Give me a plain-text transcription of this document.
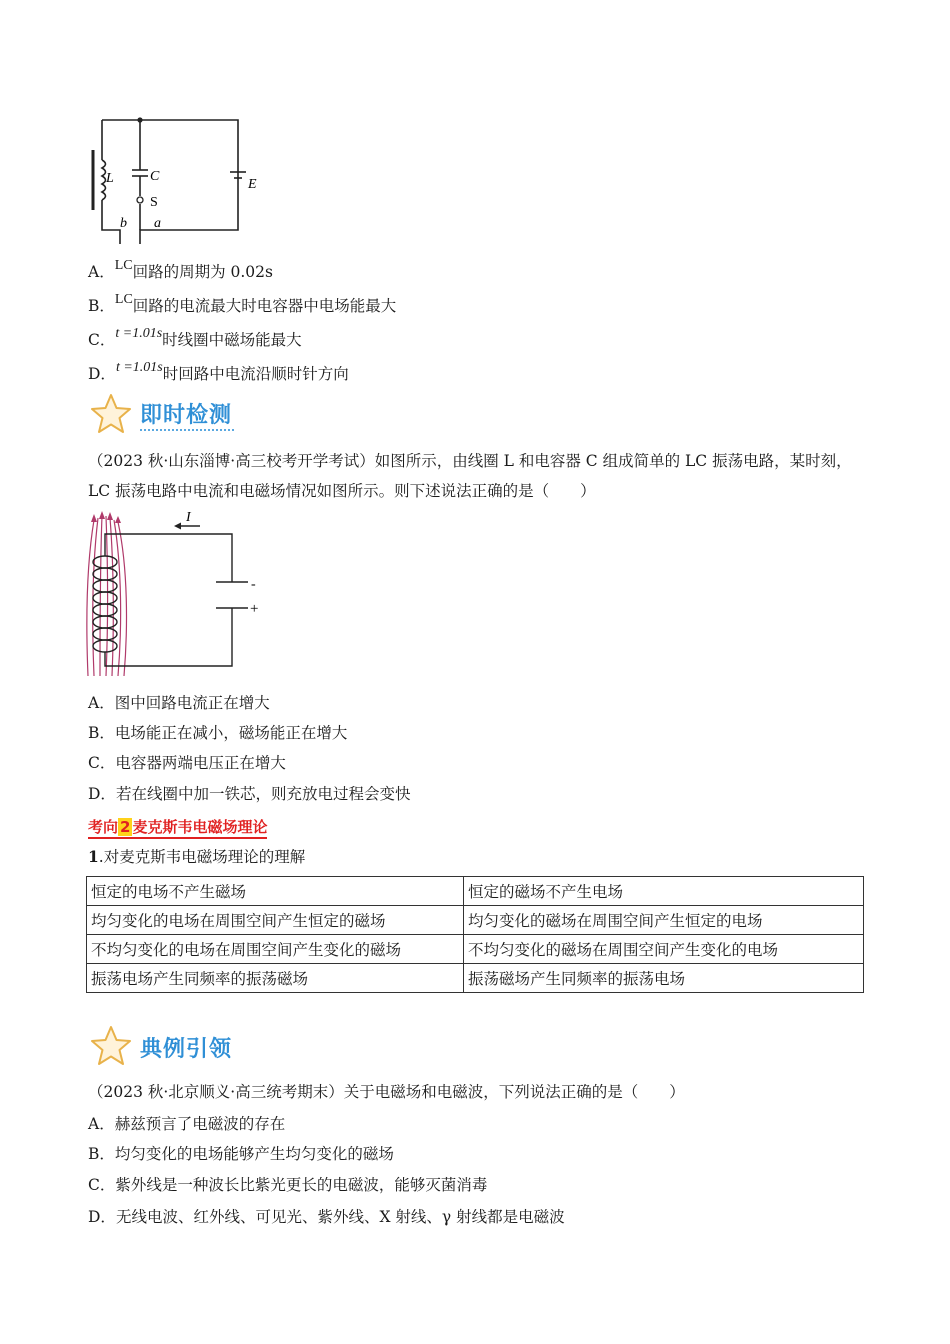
L	C
S
E
b a
A．LC回路的周期为 0.02s
B．LC回路的电流最大时电容器中电场能最大
C．t =1.01s时线圈中磁场能最大
D．t =1.01s时回路中电流沿顺时针方向
即时检测
（2023 秋·山东淄博·高三校考开学考试）如图所示，由线圈 L 和电容器 C 组成简单的 LC 振荡电路，某时刻，LC 振荡电路中电流和电磁场情况如图所示。则下述说法正确的是（　　）
I
-
+
A．图中回路电流正在增大
B．电场能正在减小，磁场能正在增大
C．电容器两端电压正在增大
D．若在线圈中加一铁芯，则充放电过程会变快
考向 2 麦克斯韦电磁场理论
1.对麦克斯韦电磁场理论的理解
恒定的电场不产生磁场	恒定的磁场不产生电场
均匀变化的电场在周围空间产生恒定的磁场	均匀变化的磁场在周围空间产生恒定的电场
不均匀变化的电场在周围空间产生变化的磁场	不均匀变化的磁场在周围空间产生变化的电场
振荡电场产生同频率的振荡磁场	振荡磁场产生同频率的振荡电场
典例引领
（2023 秋·北京顺义·高三统考期末）关于电磁场和电磁波，下列说法正确的是（　　）
A．赫兹预言了电磁波的存在
B．均匀变化的电场能够产生均匀变化的磁场
C．紫外线是一种波长比紫光更长的电磁波，能够灭菌消毒
D．无线电波、红外线、可见光、紫外线、X 射线、γ 射线都是电磁波
